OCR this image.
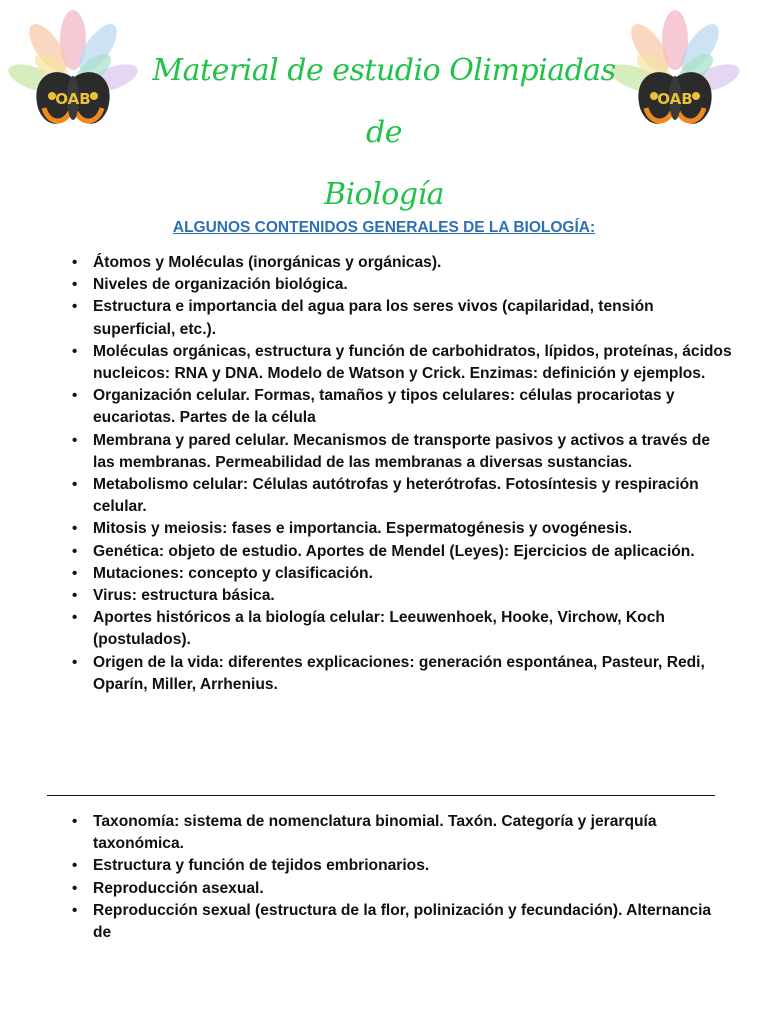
OAB	OAB
Material de estudio Olimpiadas de
Biología
ALGUNOS CONTENIDOS GENERALES DE LA BIOLOGÍA:
• Átomos y Moléculas (inorgánicas y orgánicas).
• Niveles de organización biológica.
• Estructura e importancia del agua para los seres vivos (capilaridad, tensión superficial, etc.).
• Moléculas orgánicas, estructura y función de carbohidratos, lípidos, proteínas, ácidos nucleicos: RNA y DNA. Modelo de Watson y Crick. Enzimas: definición y ejemplos.
• Organización celular. Formas, tamaños y tipos celulares: células procariotas y eucariotas. Partes de la célula
• Membrana y pared celular. Mecanismos de transporte pasivos y activos a través de las membranas. Permeabilidad de las membranas a diversas sustancias.
• Metabolismo celular: Células autótrofas y heterótrofas. Fotosíntesis y respiración celular.
• Mitosis y meiosis: fases e importancia. Espermatogénesis y ovogénesis.
• Genética: objeto de estudio. Aportes de Mendel (Leyes): Ejercicios de aplicación.
• Mutaciones: concepto y clasificación.
• Virus: estructura básica.
• Aportes históricos a la biología celular: Leeuwenhoek, Hooke, Virchow, Koch (postulados).
• Origen de la vida: diferentes explicaciones: generación espontánea, Pasteur, Redi, Oparín, Miller, Arrhenius.
• Taxonomía: sistema de nomenclatura binomial. Taxón. Categoría y jerarquía taxonómica.
• Estructura y función de tejidos embrionarios.
• Reproducción asexual.
• Reproducción sexual (estructura de la flor, polinización y fecundación). Alternancia de
